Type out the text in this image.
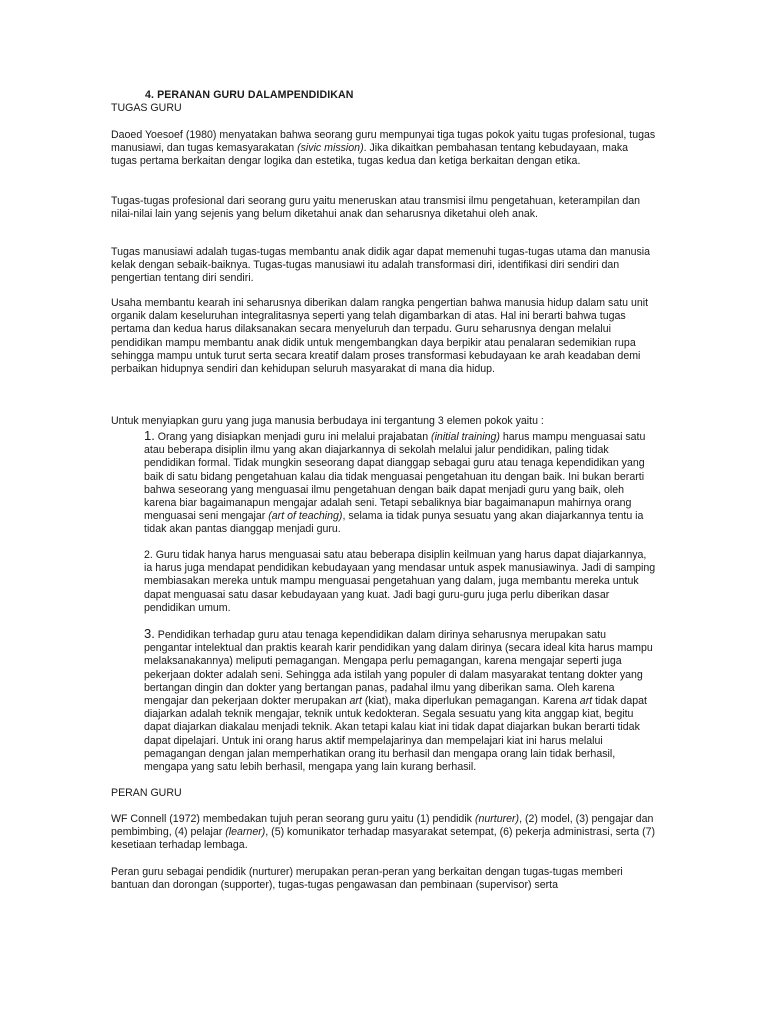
4. PERANAN GURU DALAMPENDIDIKAN

TUGAS GURU

Daoed Yoesoef (1980) menyatakan bahwa seorang guru mempunyai tiga tugas pokok yaitu tugas profesional, tugas manusiawi, dan tugas kemasyarakatan (sivic mission). Jika dikaitkan pembahasan tentang kebudayaan, maka tugas pertama berkaitan dengar logika dan estetika, tugas kedua dan ketiga berkaitan dengan etika.

Tugas-tugas profesional dari seorang guru yaitu meneruskan atau transmisi ilmu pengetahuan, keterampilan dan nilai-nilai lain yang sejenis yang belum diketahui anak dan seharusnya diketahui oleh anak.

Tugas manusiawi adalah tugas-tugas membantu anak didik agar dapat memenuhi tugas-tugas utama dan manusia kelak dengan sebaik-baiknya. Tugas-tugas manusiawi itu adalah transformasi diri, identifikasi diri sendiri dan pengertian tentang diri sendiri.

Usaha membantu kearah ini seharusnya diberikan dalam rangka pengertian bahwa manusia hidup dalam satu unit organik dalam keseluruhan integralitasnya seperti yang telah digambarkan di atas. Hal ini berarti bahwa tugas pertama dan kedua harus dilaksanakan secara menyeluruh dan terpadu. Guru seharusnya dengan melalui pendidikan mampu membantu anak didik untuk mengembangkan daya berpikir atau penalaran sedemikian rupa sehingga mampu untuk turut serta secara kreatif dalam proses transformasi kebudayaan ke arah keadaban demi perbaikan hidupnya sendiri dan kehidupan seluruh masyarakat di mana dia hidup.

Untuk menyiapkan guru yang juga manusia berbudaya ini tergantung 3 elemen pokok yaitu :

1. Orang yang disiapkan menjadi guru ini melalui prajabatan (initial training) harus mampu menguasai satu atau beberapa disiplin ilmu yang akan diajarkannya di sekolah melalui jalur pendidikan, paling tidak pendidikan formal. Tidak mungkin seseorang dapat dianggap sebagai guru atau tenaga kependidikan yang baik di satu bidang pengetahuan kalau dia tidak menguasai pengetahuan itu dengan baik. Ini bukan berarti bahwa seseorang yang menguasai ilmu pengetahuan dengan baik dapat menjadi guru yang baik, oleh karena biar bagaimanapun mengajar adalah seni. Tetapi sebaliknya biar bagaimanapun mahirnya orang menguasai seni mengajar (art of teaching), selama ia tidak punya sesuatu yang akan diajarkannya tentu ia tidak akan pantas dianggap menjadi guru.

2. Guru tidak hanya harus menguasai satu atau beberapa disiplin keilmuan yang harus dapat diajarkannya, ia harus juga mendapat pendidikan kebudayaan yang mendasar untuk aspek manusiawinya. Jadi di samping membiasakan mereka untuk mampu menguasai pengetahuan yang dalam, juga membantu mereka untuk dapat menguasai satu dasar kebudayaan yang kuat. Jadi bagi guru-guru juga perlu diberikan dasar pendidikan umum.

3. Pendidikan terhadap guru atau tenaga kependidikan dalam dirinya seharusnya merupakan satu pengantar intelektual dan praktis kearah karir pendidikan yang dalam dirinya (secara ideal kita harus mampu melaksanakannya) meliputi pemagangan. Mengapa perlu pemagangan, karena mengajar seperti juga pekerjaan dokter adalah seni. Sehingga ada istilah yang populer di dalam masyarakat tentang dokter yang bertangan dingin dan dokter yang bertangan panas, padahal ilmu yang diberikan sama. Oleh karena mengajar dan pekerjaan dokter merupakan art (kiat), maka diperlukan pemagangan. Karena art tidak dapat diajarkan adalah teknik mengajar, teknik untuk kedokteran. Segala sesuatu yang kita anggap kiat, begitu dapat diajarkan diakalau menjadi teknik. Akan tetapi kalau kiat ini tidak dapat diajarkan bukan berarti tidak dapat dipelajari. Untuk ini orang harus aktif mempelajarinya dan mempelajari kiat ini harus melalui pemagangan dengan jalan memperhatikan orang itu berhasil dan mengapa orang lain tidak berhasil, mengapa yang satu lebih berhasil, mengapa yang lain kurang berhasil.

PERAN GURU

WF Connell (1972) membedakan tujuh peran seorang guru yaitu (1) pendidik (nurturer), (2) model, (3) pengajar dan pembimbing, (4) pelajar (learner), (5) komunikator terhadap masyarakat setempat, (6) pekerja administrasi, serta (7) kesetiaan terhadap lembaga.

Peran guru sebagai pendidik (nurturer) merupakan peran-peran yang berkaitan dengan tugas-tugas memberi bantuan dan dorongan (supporter), tugas-tugas pengawasan dan pembinaan (supervisor) serta
